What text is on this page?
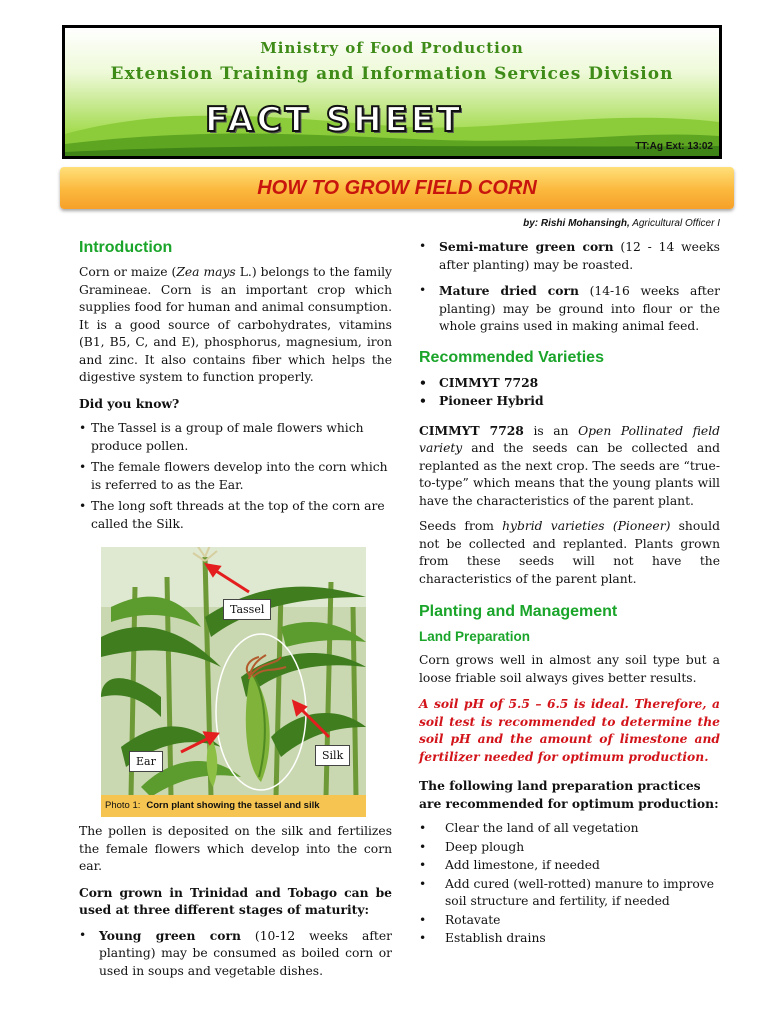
Ministry of Food Production
Extension Training and Information Services Division
FACT SHEET
TT:Ag Ext: 13:02
HOW TO GROW FIELD CORN
by: Rishi Mohansingh, Agricultural Officer I
Introduction

Corn or maize (Zea mays L.) belongs to the family Gramineae. Corn is an important crop which supplies food for human and animal consumption. It is a good source of carbohydrates, vitamins (B1, B5, C, and E), phosphorus, magnesium, iron and zinc. It also contains fiber which helps the digestive system to function properly.

Did you know?

• The Tassel is a group of male flowers which produce pollen.
• The female flowers develop into the corn which is referred to as the Ear.
• The long soft threads at the top of the corn are called the Silk.
Tassel
Ear	Silk
Photo 1: Corn plant showing the tassel and silk

The pollen is deposited on the silk and fertilizes the female flowers which develop into the corn ear.

Corn grown in Trinidad and Tobago can be used at three different stages of maturity:

• Young green corn (10-12 weeks after planting) may be consumed as boiled corn or used in soups and vegetable dishes.
• Semi-mature green corn (12 - 14 weeks after planting) may be roasted.
• Mature dried corn (14-16 weeks after planting) may be ground into flour or the whole grains used in making animal feed.
Recommended Varieties
• CIMMYT 7728
• Pioneer Hybrid

CIMMYT 7728 is an Open Pollinated field variety and the seeds can be collected and replanted as the next crop. The seeds are “true-to-type” which means that the young plants will have the characteristics of the parent plant.

Seeds from hybrid varieties (Pioneer) should not be collected and replanted. Plants grown from these seeds will not have the characteristics of the parent plant.

Planting and Management
Land Preparation

Corn grows well in almost any soil type but a loose friable soil always gives better results.

A soil pH of 5.5 – 6.5 is ideal. Therefore, a soil test is recommended to determine the soil pH and the amount of limestone and fertilizer needed for optimum production.

The following land preparation practices are recommended for optimum production:

• Clear the land of all vegetation
• Deep plough
• Add limestone, if needed
• Add cured (well-rotted) manure to improve soil structure and fertility, if needed
• Rotavate
• Establish drains
